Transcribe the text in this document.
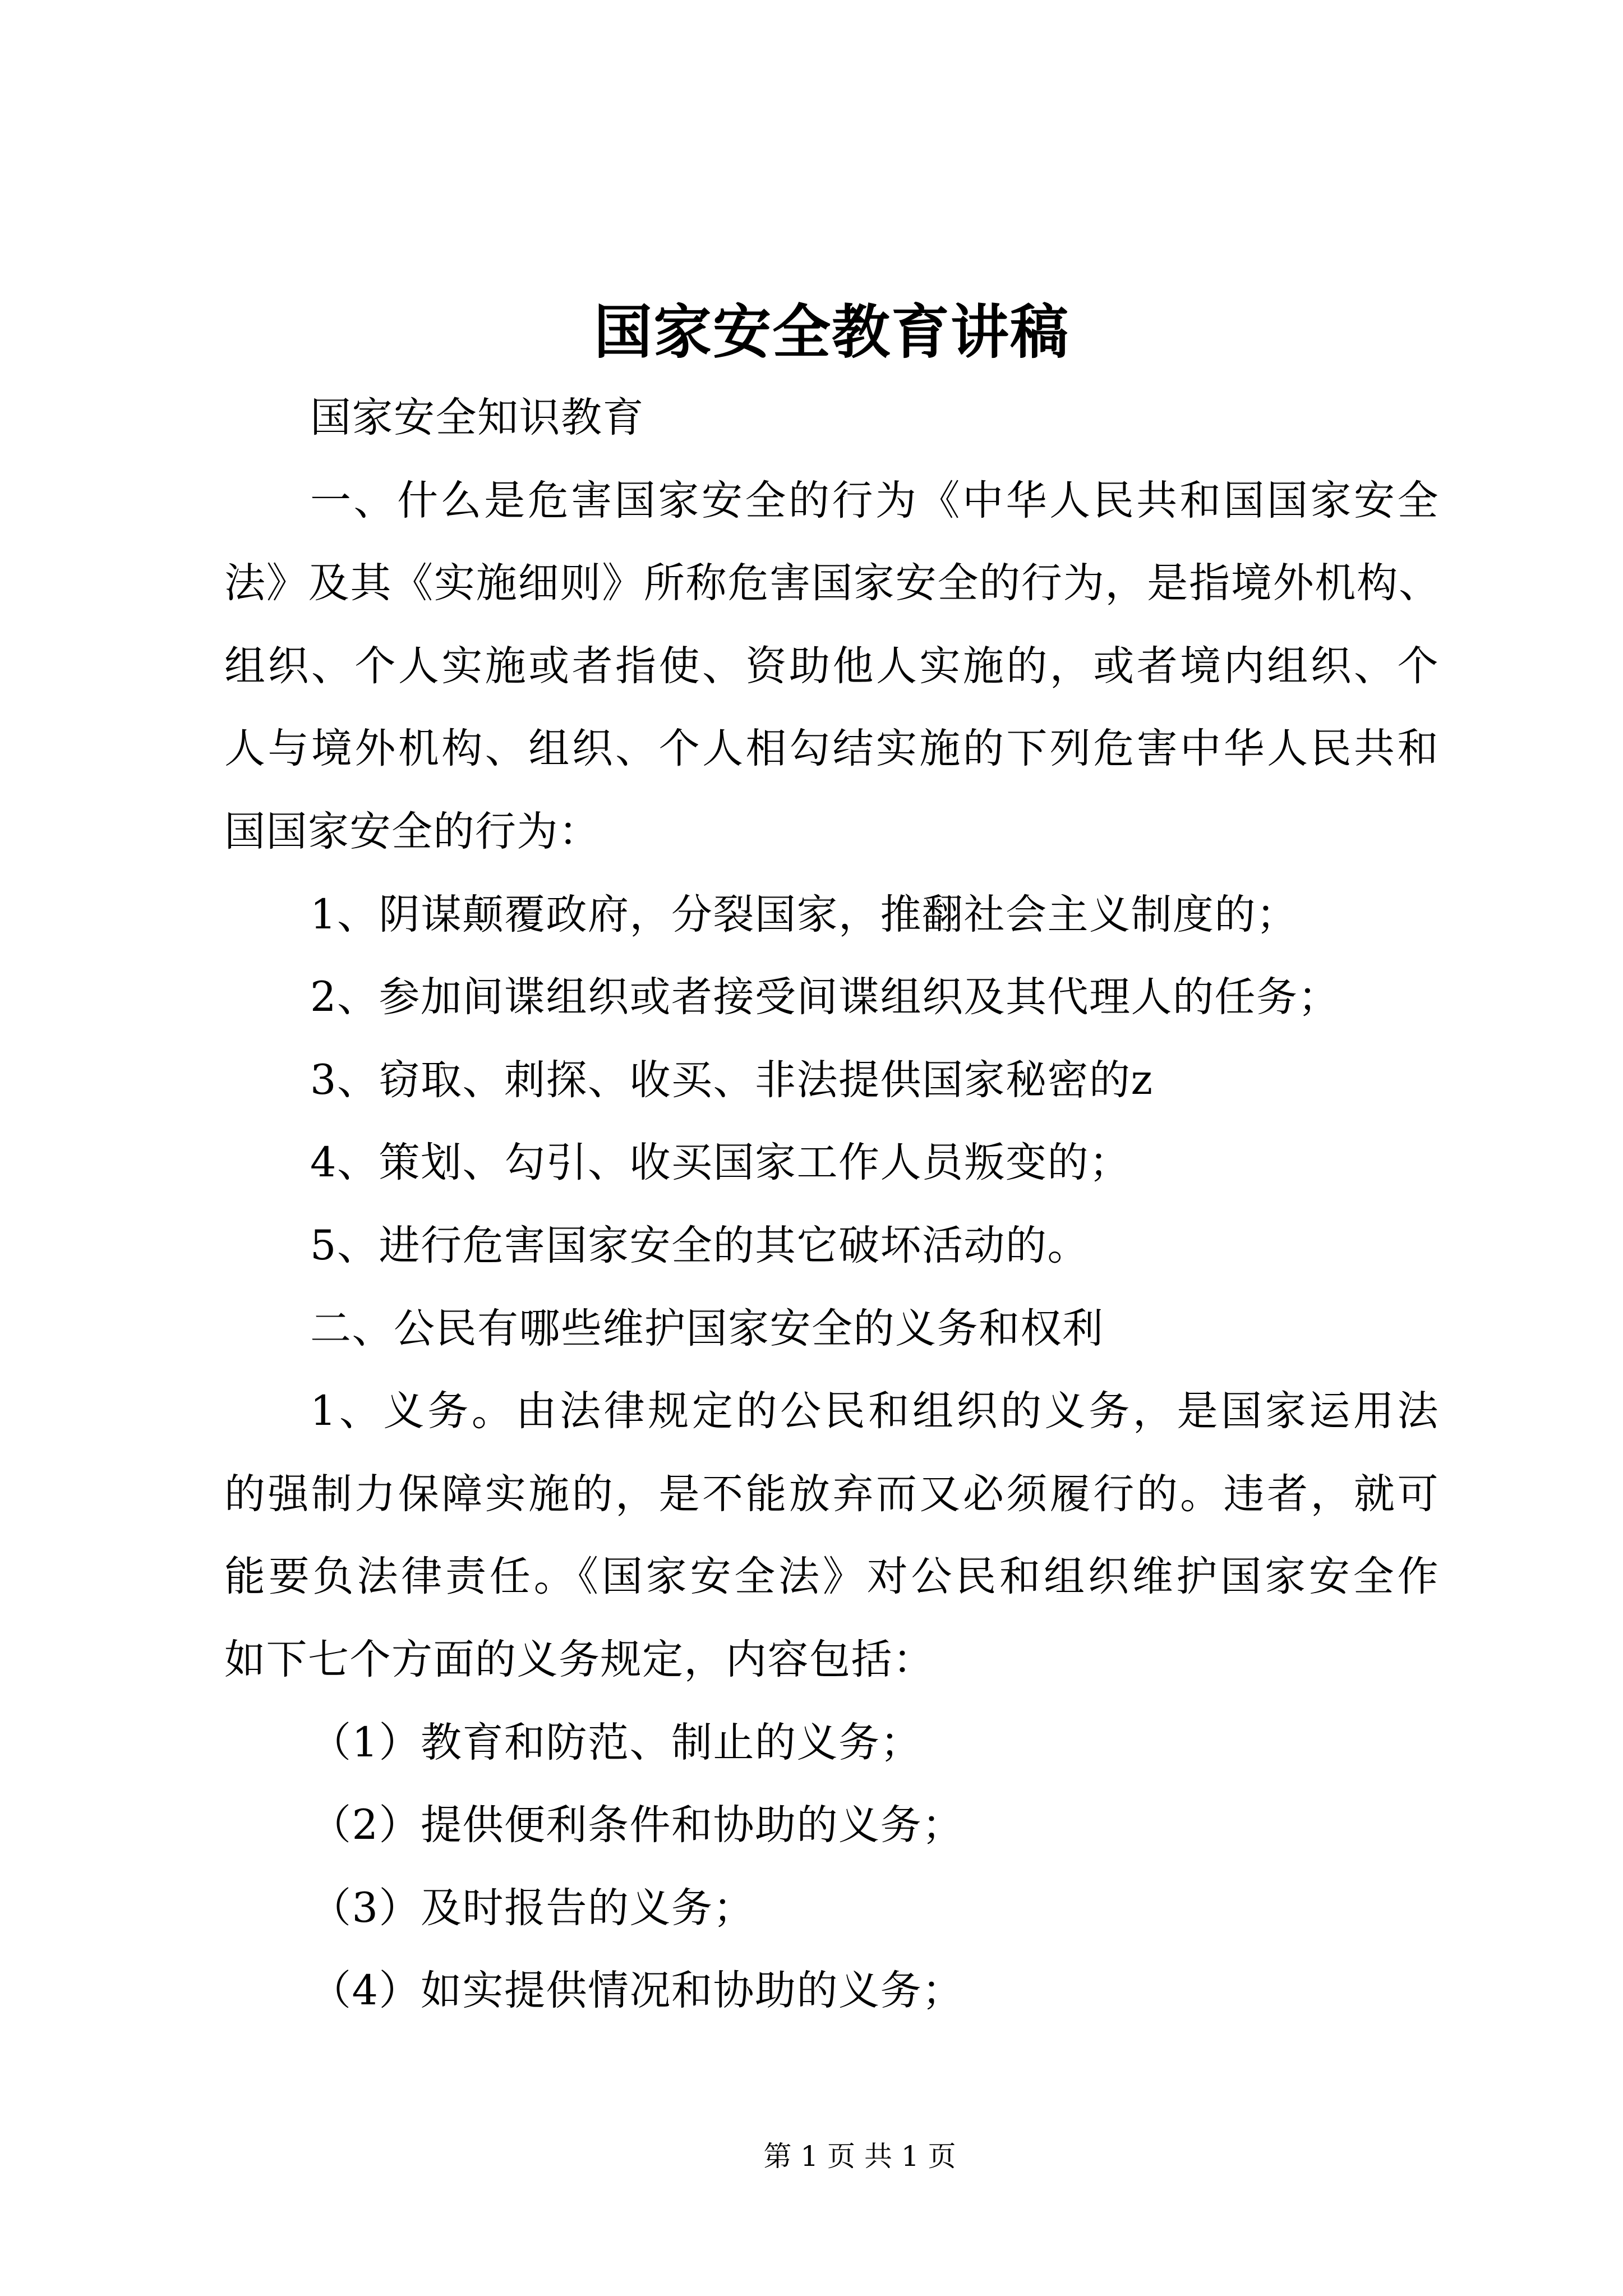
国家安全教育讲稿
国家安全知识教育
一、什么是危害国家安全的行为《中华人民共和国国家安全
法》及其《实施细则》所称危害国家安全的行为，是指境外机构、
组织、个人实施或者指使、资助他人实施的，或者境内组织、个
人与境外机构、组织、个人相勾结实施的下列危害中华人民共和
国国家安全的行为：
1、阴谋颠覆政府，分裂国家，推翻社会主义制度的；
2、参加间谍组织或者接受间谍组织及其代理人的任务；
3、窃取、刺探、收买、非法提供国家秘密的z
4、策划、勾引、收买国家工作人员叛变的；
5、进行危害国家安全的其它破坏活动的。
二、公民有哪些维护国家安全的义务和权利
1、义务。由法律规定的公民和组织的义务，是国家运用法
的强制力保障实施的，是不能放弃而又必须履行的。违者，就可
能要负法律责任。《国家安全法》对公民和组织维护国家安全作
如下七个方面的义务规定，内容包括：
（1）教育和防范、制止的义务；
（2）提供便利条件和协助的义务；
（3）及时报告的义务；
（4）如实提供情况和协助的义务；
第 1 页 共 1 页
